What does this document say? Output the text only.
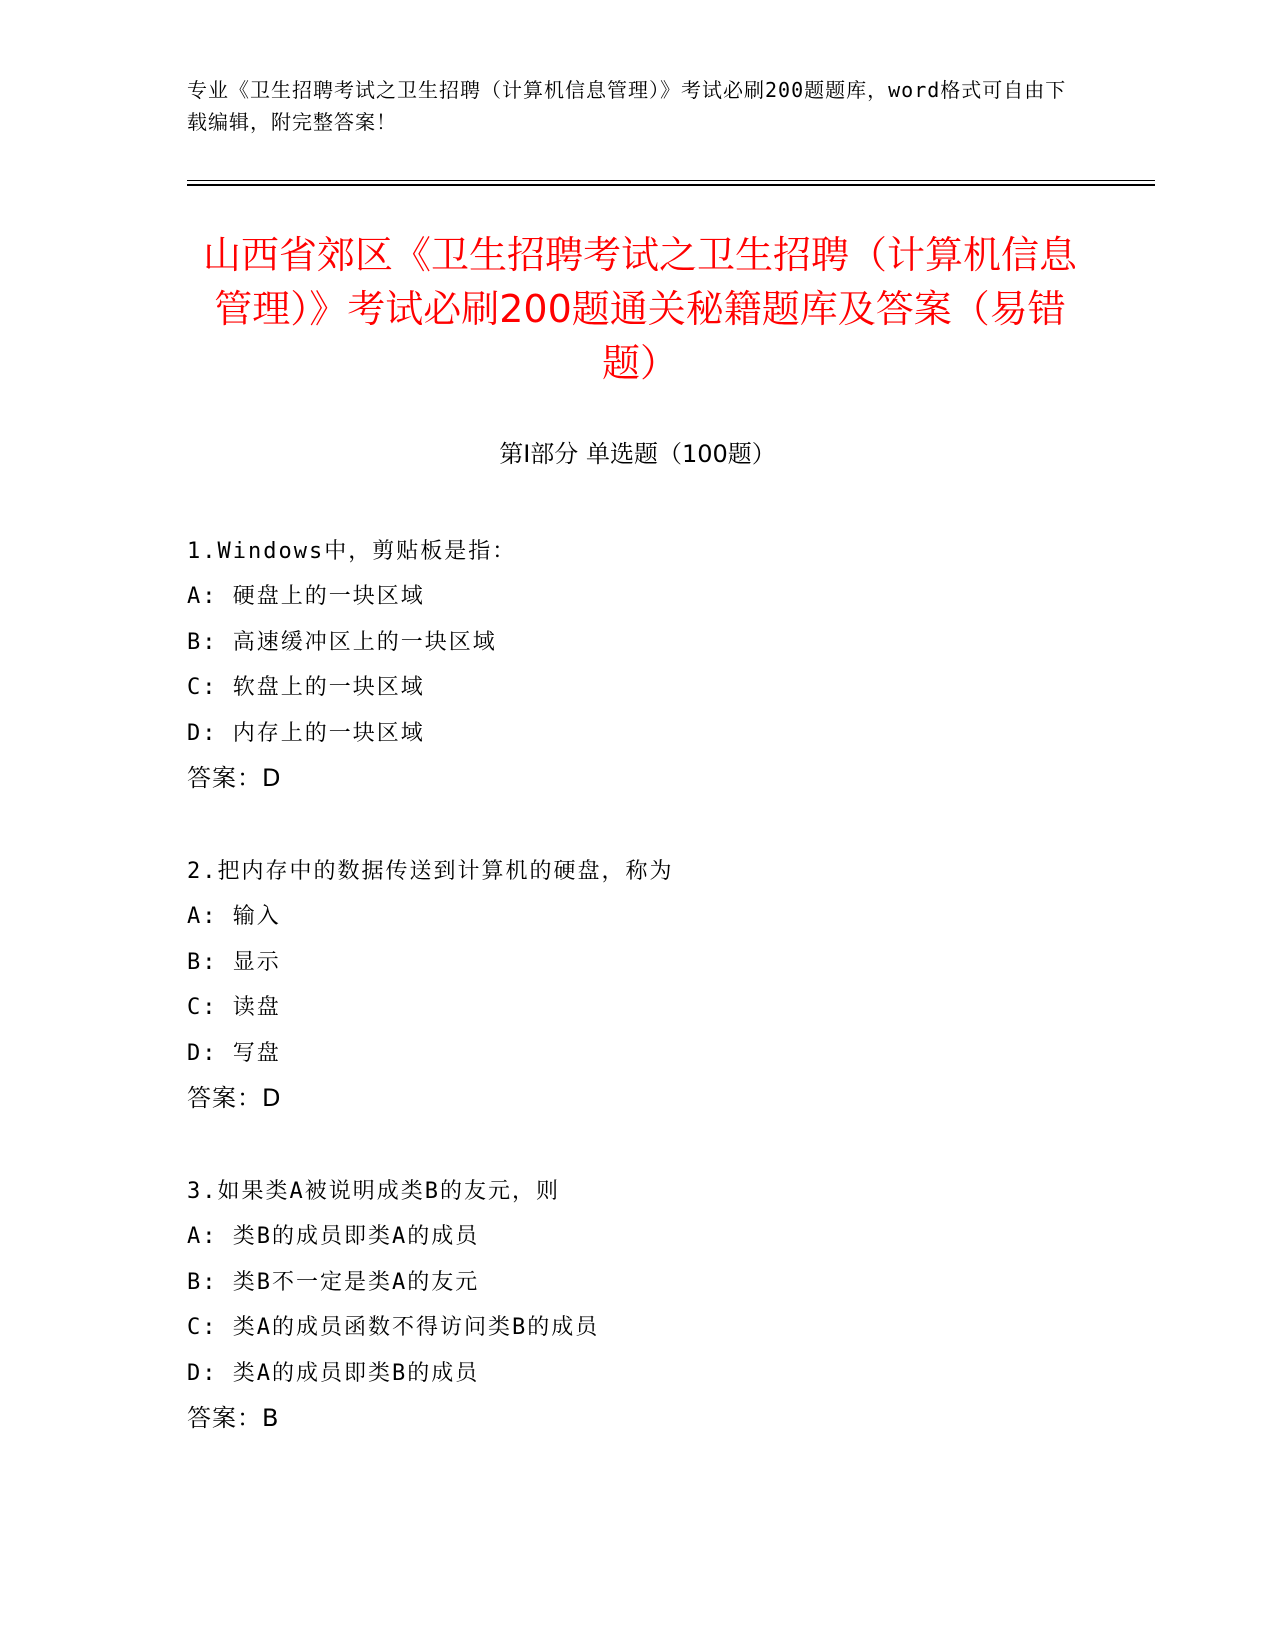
专业《卫生招聘考试之卫生招聘（计算机信息管理）》考试必刷200题题库，word格式可自由下载编辑，附完整答案！
山西省郊区《卫生招聘考试之卫生招聘（计算机信息管理）》考试必刷200题通关秘籍题库及答案（易错题）
第Ⅰ部分 单选题（100题）
1.Windows中，剪贴板是指：
A: 硬盘上的一块区域
B: 高速缓冲区上的一块区域
C: 软盘上的一块区域
D: 内存上的一块区域
答案：D
2.把内存中的数据传送到计算机的硬盘，称为
A: 输入
B: 显示
C: 读盘
D: 写盘
答案：D
3.如果类A被说明成类B的友元，则
A: 类B的成员即类A的成员
B: 类B不一定是类A的友元
C: 类A的成员函数不得访问类B的成员
D: 类A的成员即类B的成员
答案：B
